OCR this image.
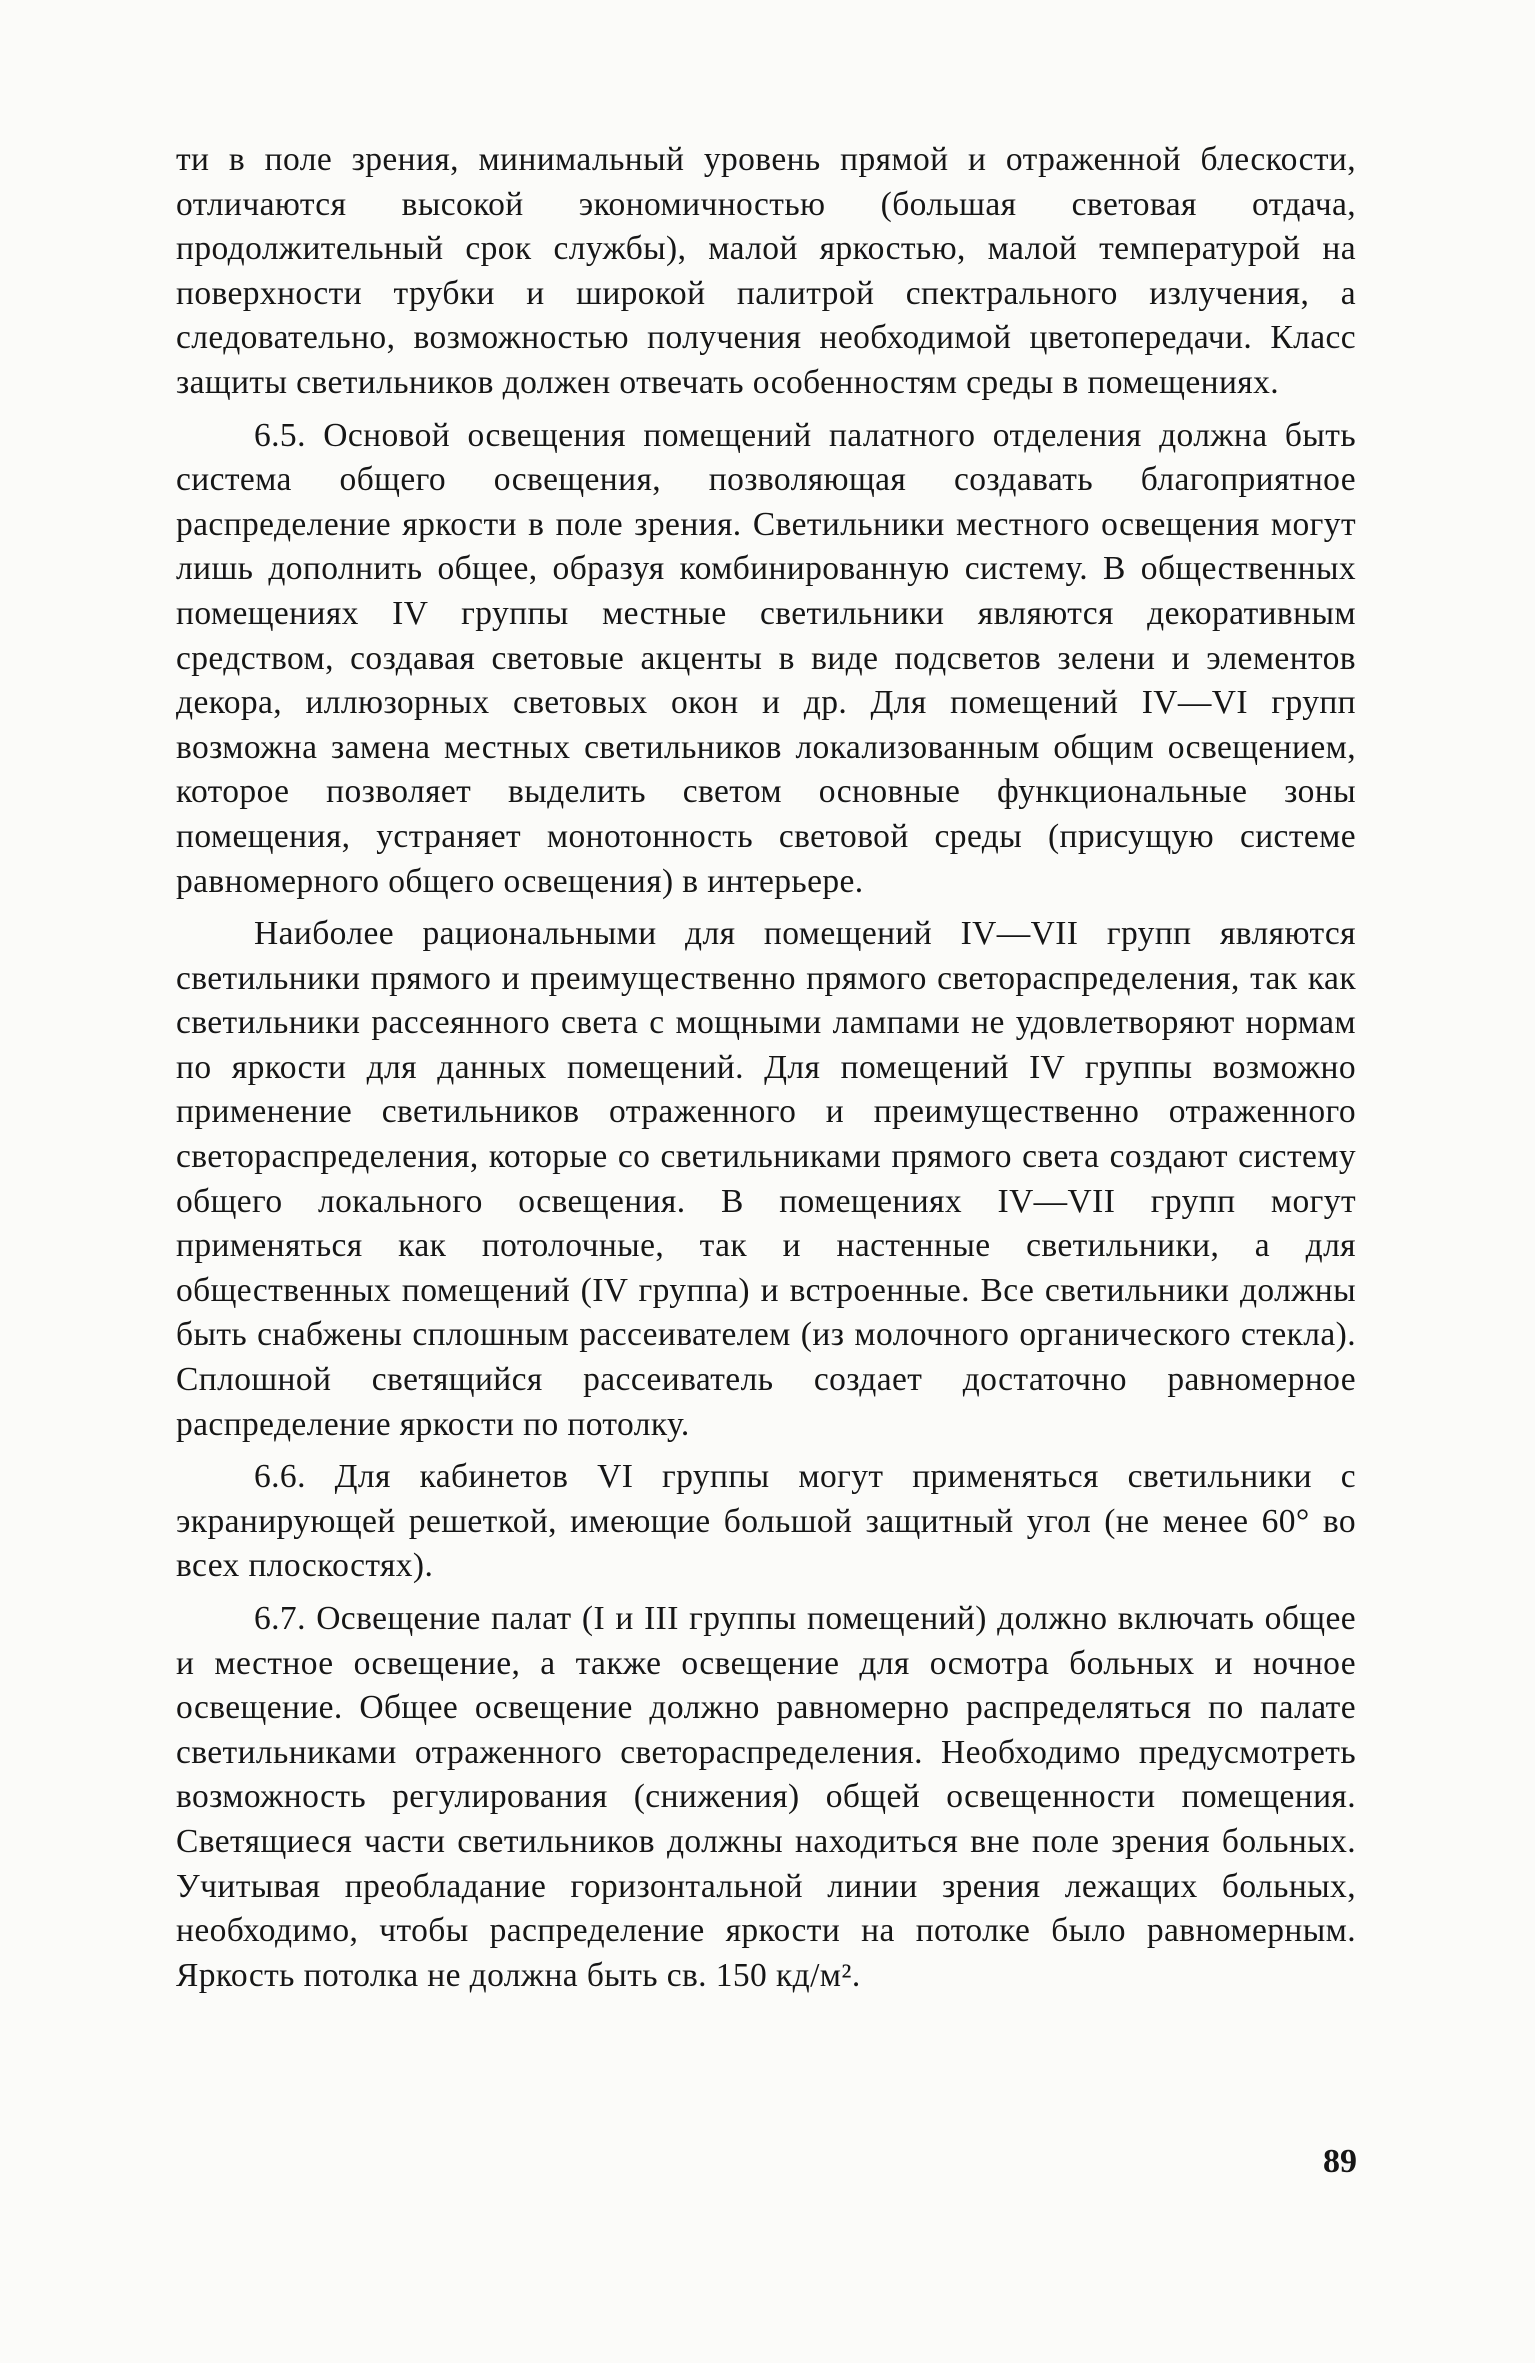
ти в поле зрения, минимальный уровень прямой и отраженной блескости, отличаются высокой экономичностью (большая световая отдача, продолжительный срок службы), малой яркостью, малой температурой на поверхности трубки и широкой палитрой спектрального излучения, а следовательно, возможностью получения необходимой цветопередачи. Класс защиты светильников должен отвечать особенностям среды в помещениях.

6.5. Основой освещения помещений палатного отделения должна быть система общего освещения, позволяющая создавать благоприятное распределение яркости в поле зрения. Светильники местного освещения могут лишь дополнить общее, образуя комбинированную систему. В общественных помещениях IV группы местные светильники являются декоративным средством, создавая световые акценты в виде подсветов зелени и элементов декора, иллюзорных световых окон и др. Для помещений IV—VI групп возможна замена местных светильников локализованным общим освещением, которое позволяет выделить светом основные функциональные зоны помещения, устраняет монотонность световой среды (присущую системе равномерного общего освещения) в интерьере.

Наиболее рациональными для помещений IV—VII групп являются светильники прямого и преимущественно прямого светораспределения, так как светильники рассеянного света с мощными лампами не удовлетворяют нормам по яркости для данных помещений. Для помещений IV группы возможно применение светильников отраженного и преимущественно отраженного светораспределения, которые со светильниками прямого света создают систему общего локального освещения. В помещениях IV—VII групп могут применяться как потолочные, так и настенные светильники, а для общественных помещений (IV группа) и встроенные. Все светильники должны быть снабжены сплошным рассеивателем (из молочного органического стекла). Сплошной светящийся рассеиватель создает достаточно равномерное распределение яркости по потолку.

6.6. Для кабинетов VI группы могут применяться светильники с экранирующей решеткой, имеющие большой защитный угол (не менее 60° во всех плоскостях).

6.7. Освещение палат (I и III группы помещений) должно включать общее и местное освещение, а также освещение для осмотра больных и ночное освещение. Общее освещение должно равномерно распределяться по палате светильниками отраженного светораспределения. Необходимо предусмотреть возможность регулирования (снижения) общей освещенности помещения. Светящиеся части светильников должны находиться вне поле зрения больных. Учитывая преобладание горизонтальной линии зрения лежащих больных, необходимо, чтобы распределение яркости на потолке было равномерным. Яркость потолка не должна быть св. 150 кд/м².

89
